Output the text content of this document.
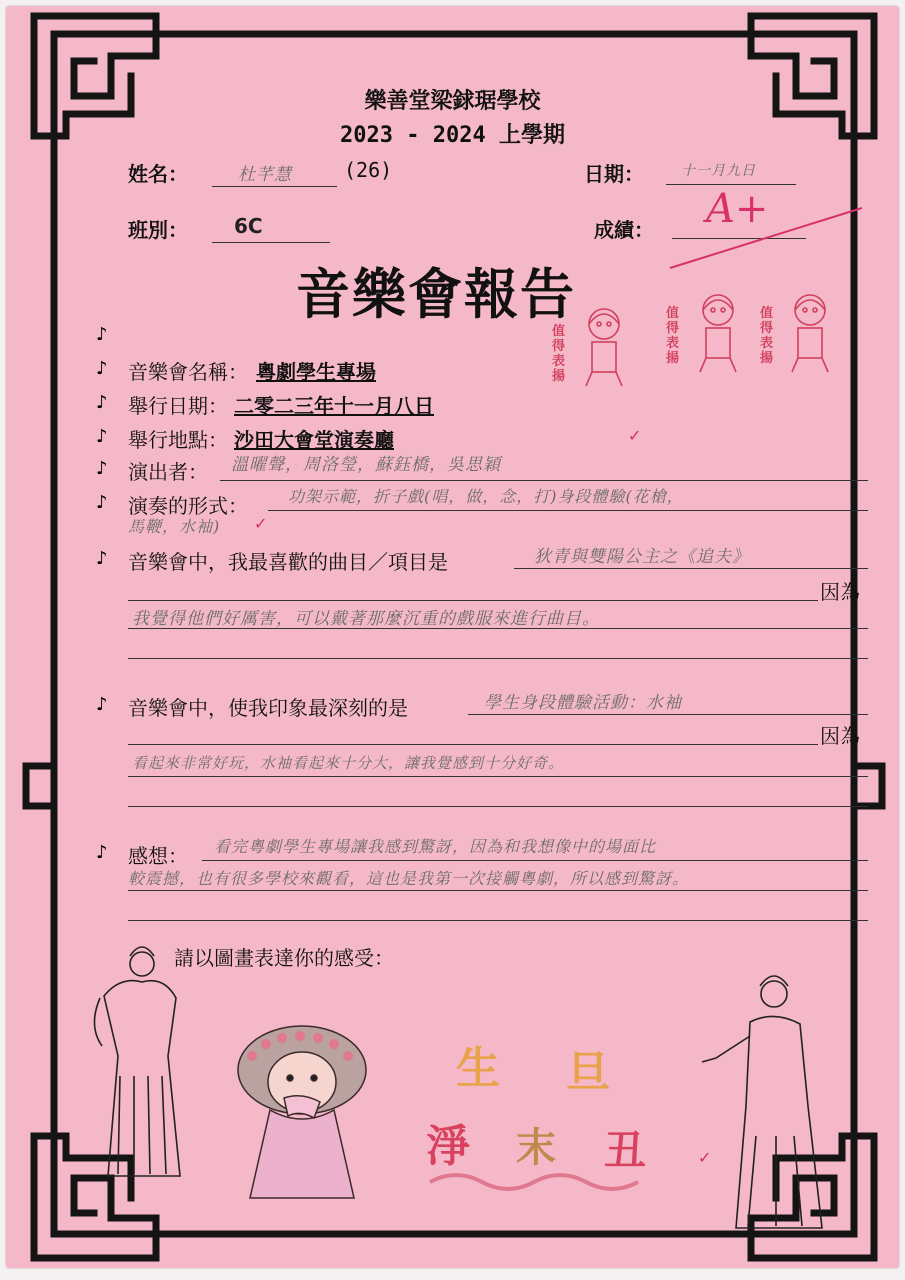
樂善堂梁銶琚學校
2023 - 2024 上學期
姓名：	杜芊慧	(26)	日期：	十一月九日
班別： 6C	成績： A+
音樂會報告
值得表揚
值得表揚
值得表揚
♪
♪ 音樂會名稱： 粵劇學生專場
♪ 舉行日期： 二零二三年十一月八日
♪ 舉行地點： 沙田大會堂演奏廳	✓
♪ 演出者： 溫曜聲，周洛瑩，蘇鈺橋，吳思穎
♪ 演奏的形式：	功架示範，折子戲(唱，做，念，打)身段體驗(花槍，
馬鞭，水袖) ✓
♪ 音樂會中，我最喜歡的曲目／項目是	狄青與雙陽公主之《追夫》
因為
我覺得他們好厲害，可以戴著那麼沉重的戲服來進行曲目。
♪ 音樂會中，使我印象最深刻的是	學生身段體驗活動：水袖
因為
看起來非常好玩，水袖看起來十分大，讓我覺感到十分好奇。
♪ 感想： 看完粵劇學生專場讓我感到驚訝，因為和我想像中的場面比
較震撼，也有很多學校來觀看，這也是我第一次接觸粵劇，所以感到驚訝。
請以圖畫表達你的感受：
生 旦
淨 末 丑	✓
